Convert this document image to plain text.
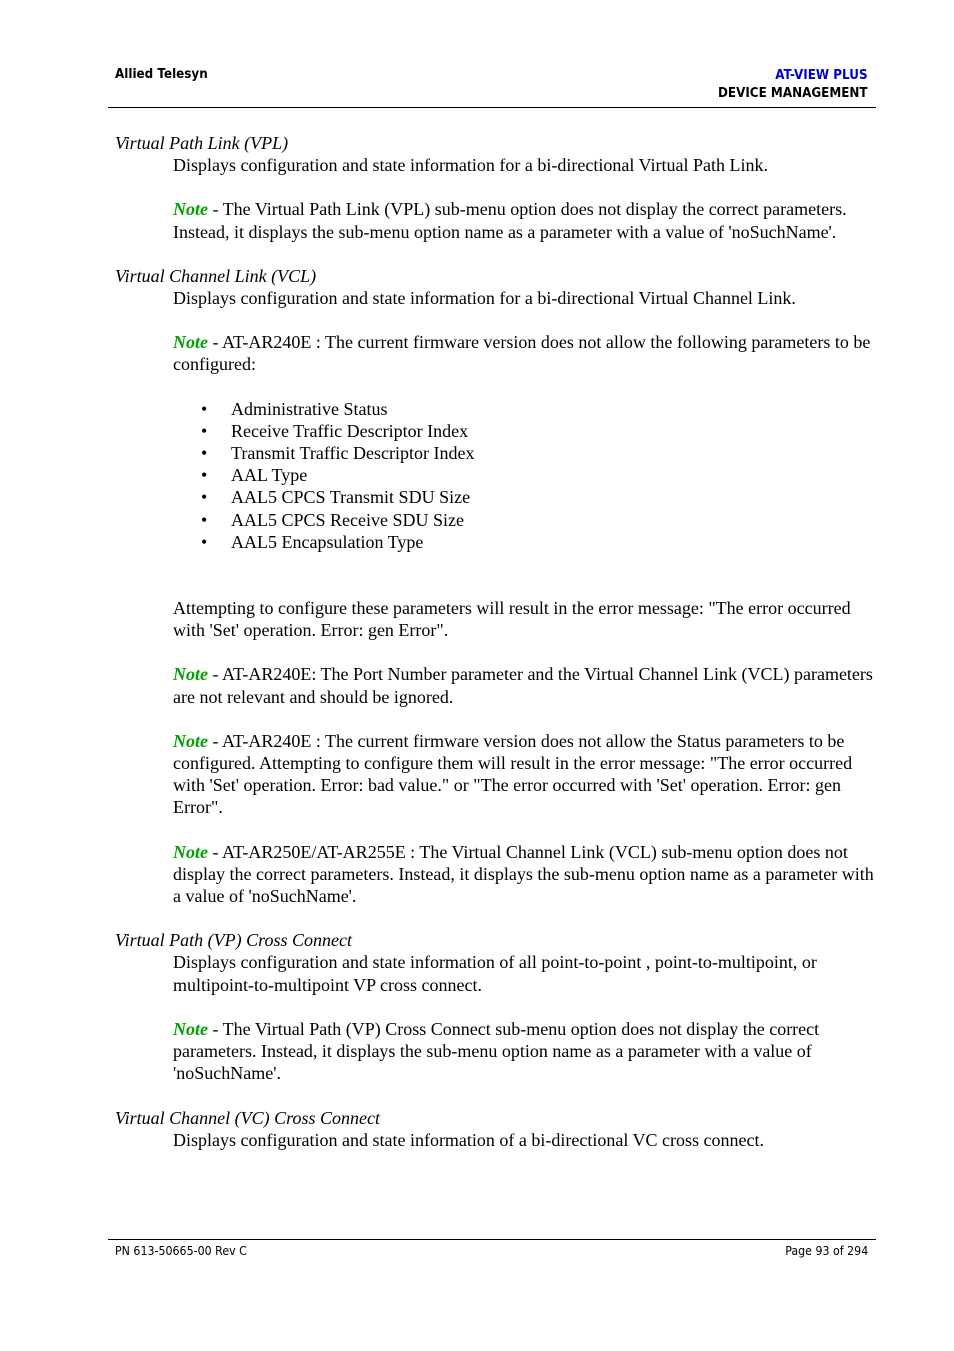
Allied Telesyn	AT-VIEW PLUS
DEVICE MANAGEMENT

Virtual Path Link (VPL)

Displays configuration and state information for a bi-directional Virtual Path Link.

Note - The Virtual Path Link (VPL) sub-menu option does not display the correct parameters. Instead, it displays the sub-menu option name as a parameter with a value of 'noSuchName'.

Virtual Channel Link (VCL)

Displays configuration and state information for a bi-directional Virtual Channel Link.

Note - AT-AR240E : The current firmware version does not allow the following parameters to be configured:

• Administrative Status
• Receive Traffic Descriptor Index
• Transmit Traffic Descriptor Index
• AAL Type
• AAL5 CPCS Transmit SDU Size
• AAL5 CPCS Receive SDU Size
• AAL5 Encapsulation Type

Attempting to configure these parameters will result in the error message: "The error occurred with 'Set' operation. Error: gen Error".

Note - AT-AR240E: The Port Number parameter and the Virtual Channel Link (VCL) parameters are not relevant and should be ignored.

Note - AT-AR240E : The current firmware version does not allow the Status parameters to be configured. Attempting to configure them will result in the error message: "The error occurred with 'Set' operation. Error: bad value." or "The error occurred with 'Set' operation. Error: gen Error".

Note - AT-AR250E/AT-AR255E : The Virtual Channel Link (VCL) sub-menu option does not display the correct parameters. Instead, it displays the sub-menu option name as a parameter with a value of 'noSuchName'.

Virtual Path (VP) Cross Connect

Displays configuration and state information of all point-to-point , point-to-multipoint, or multipoint-to-multipoint VP cross connect.

Note - The Virtual Path (VP) Cross Connect sub-menu option does not display the correct parameters. Instead, it displays the sub-menu option name as a parameter with a value of 'noSuchName'.

Virtual Channel (VC) Cross Connect

Displays configuration and state information of a bi-directional VC cross connect.

PN 613-50665-00 Rev C	Page 93 of 294
